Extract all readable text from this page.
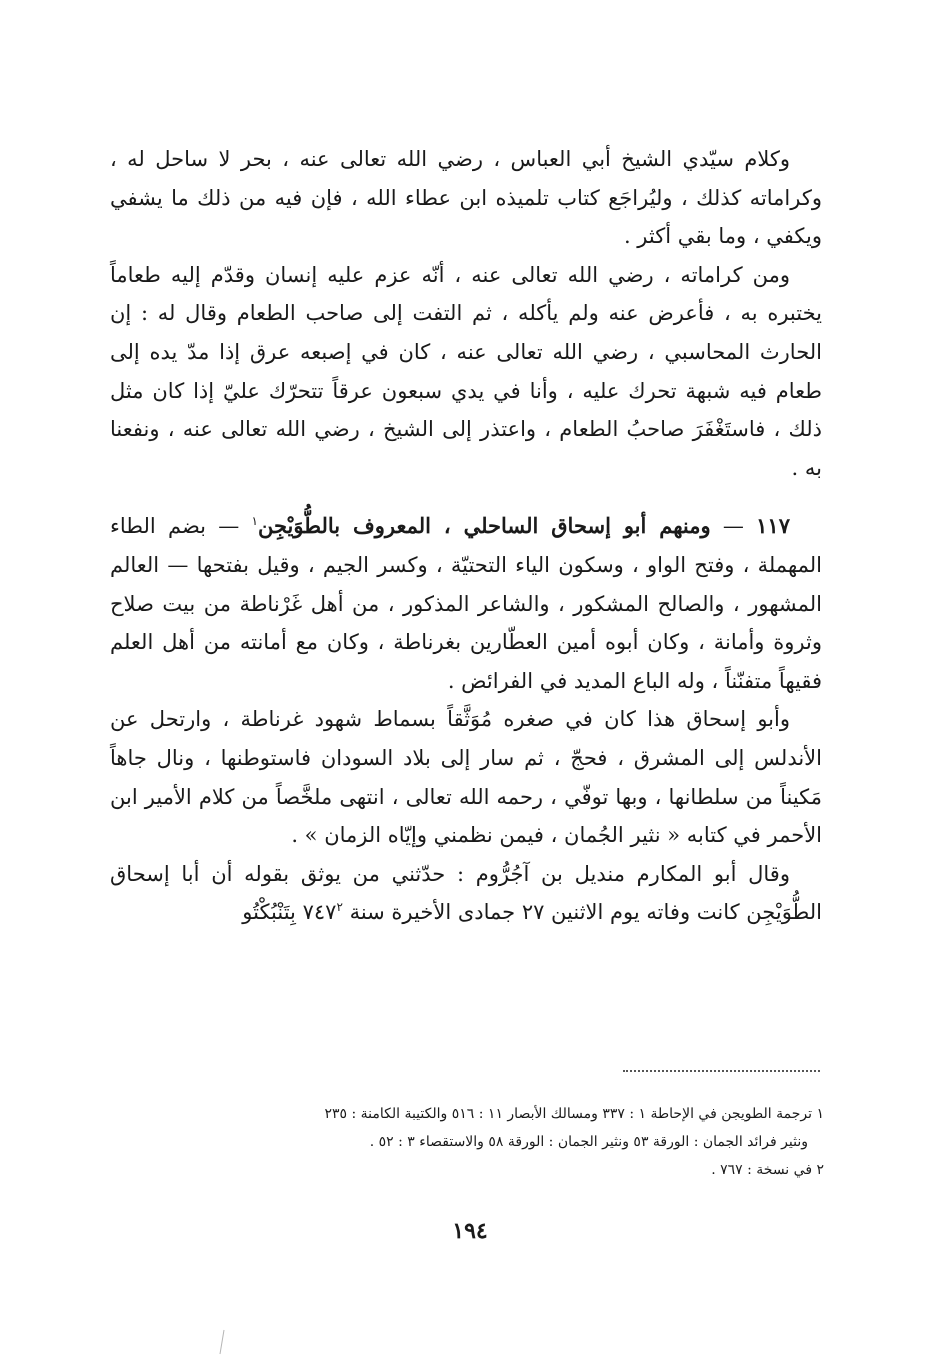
وكلام سيّدي الشيخ أبي العباس ، رضي الله تعالى عنه ، بحر لا ساحل له ، وكراماته كذلك ، وليُراجَع كتاب تلميذه ابن عطاء الله ، فإن فيه من ذلك ما يشفي ويكفي ، وما بقي أكثر .

ومن كراماته ، رضي الله تعالى عنه ، أنّه عزم عليه إنسان وقدّم إليه طعاماً يختبره به ، فأعرض عنه ولم يأكله ، ثم التفت إلى صاحب الطعام وقال له : إن الحارث المحاسبي ، رضي الله تعالى عنه ، كان في إصبعه عرق إذا مدّ يده إلى طعام فيه شبهة تحرك عليه ، وأنا في يدي سبعون عرقاً تتحرّك عليّ إذا كان مثل ذلك ، فاستَغْفَرَ صاحبُ الطعام ، واعتذر إلى الشيخ ، رضي الله تعالى عنه ، ونفعنا به .

١١٧ — ومنهم أبو إسحاق الساحلي ، المعروف بالطُّوَيْجِن$^١$ — بضم الطاء المهملة ، وفتح الواو ، وسكون الياء التحتيّة ، وكسر الجيم ، وقيل بفتحها — العالم المشهور ، والصالح المشكور ، والشاعر المذكور ، من أهل غَرْناطة من بيت صلاح وثروة وأمانة ، وكان أبوه أمين العطّارين بغرناطة ، وكان مع أمانته من أهل العلم فقيهاً متفنّناً ، وله الباع المديد في الفرائض .

وأبو إسحاق هذا كان في صغره مُوَثَّقاً بسماط شهود غرناطة ، وارتحل عن الأندلس إلى المشرق ، فحجّ ، ثم سار إلى بلاد السودان فاستوطنها ، ونال جاهاً مَكيناً من سلطانها ، وبها توفّي ، رحمه الله تعالى ، انتهى ملخَّصاً من كلام الأمير ابن الأحمر في كتابه « نثير الجُمان ، فيمن نظمني وإيّاه الزمان » .

وقال أبو المكارم منديل بن آجُرُّوم : حدّثني من يوثق بقوله أن أبا إسحاق الطُّوَيْجِن كانت وفاته يوم الاثنين ٢٧ جمادى الأخيرة سنة ٧٤٧$^٢$ بِتَنْبُكْتُو

١ ترجمة الطويجن في الإحاطة ١ : ٣٣٧ ومسالك الأبصار ١١ : ٥١٦ والكتيبة الكامنة : ٢٣٥

ونثير فرائد الجمان : الورقة ٥٣ ونثير الجمان : الورقة ٥٨ والاستقصاء ٣ : ٥٢ .

٢ في نسخة : ٧٦٧ .

١٩٤
